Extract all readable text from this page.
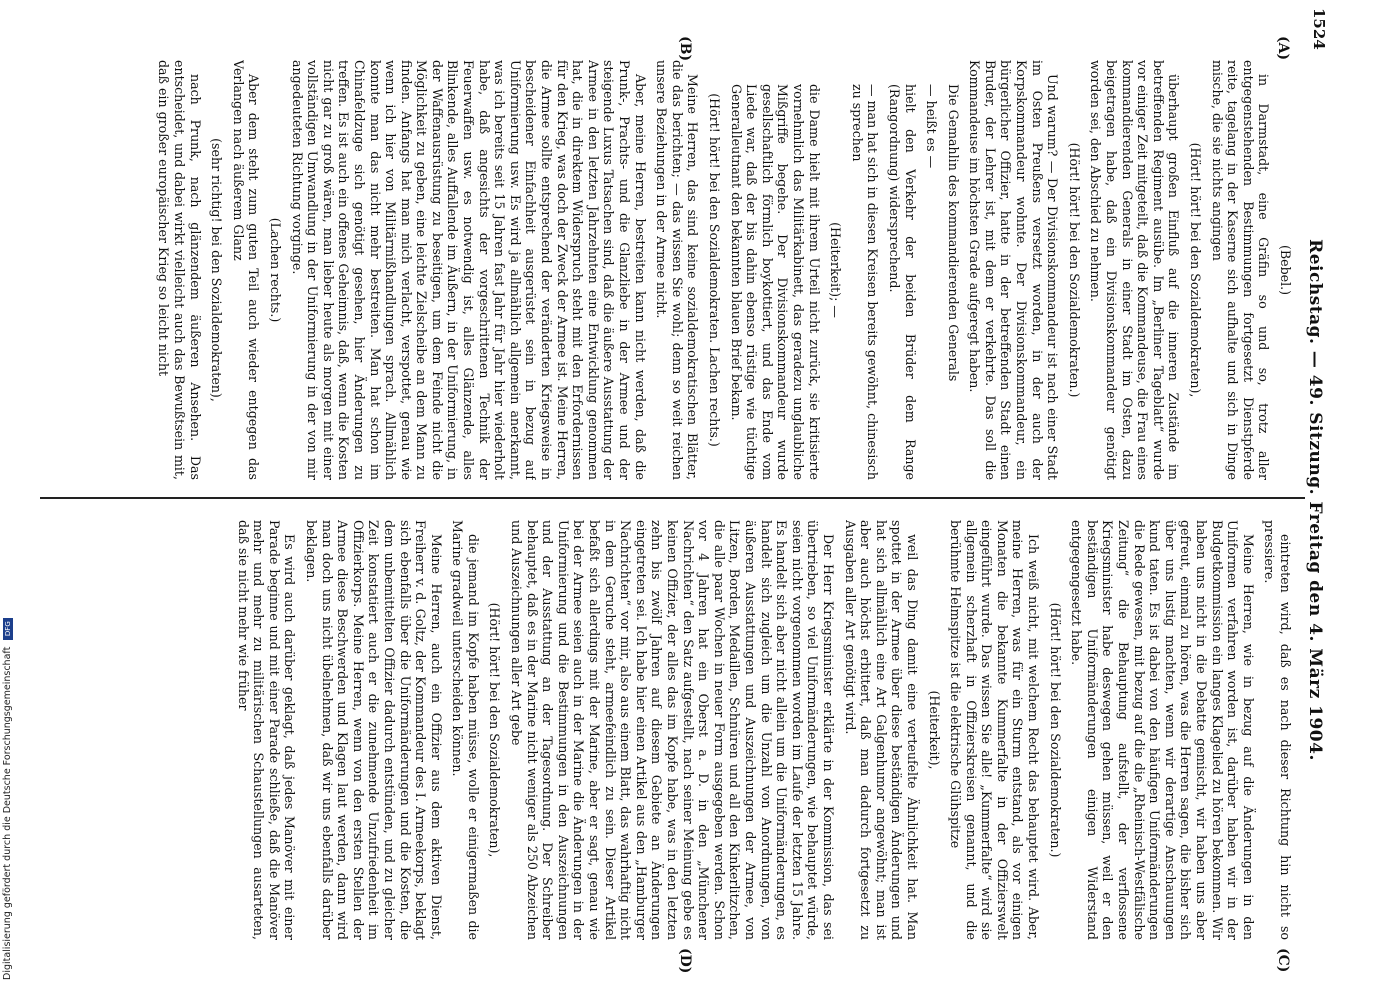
1524
Reichstag. — 49. Sitzung. Freitag den 4. März 1904.
(A)
(B)
(C)
(D)

(Bebel.)

in Darmstadt, eine Gräfin so und so, trotz aller entgegenstehenden Bestimmungen fortgesetzt Dienstpferde reite, tagelang in der Kaserne sich aufhalte und sich in Dinge mische, die sie nichts angingen

(Hört! hört! bei den Sozialdemokraten),

überhaupt großen Einfluß auf die inneren Zustände im betreffenden Regiment ausübe. Im „Berliner Tageblatt“ wurde vor einiger Zeit mitgeteilt, daß die Kommandeuse, die Frau eines kommandierenden Generals in einer Stadt im Osten, dazu beigetragen habe, daß ein Divisionskommandeur genötigt worden sei, den Abschied zu nehmen.

(Hört! hört! bei den Sozialdemokraten.)

Und warum? — Der Divisionskommandeur ist nach einer Stadt im Osten Preußens versetzt worden, in der auch der Korpskommandeur wohnte. Der Divisionskommandeur, ein bürgerlicher Offizier, hatte in der betreffenden Stadt einen Bruder, der Lehrer ist, mit dem er verkehrte. Das soll die Kommandeuse im höchsten Grade aufgeregt haben.

Die Gemahlin des kommandierenden Generals

— heißt es —

hielt den Verkehr der beiden Brüder dem Range (Rangordnung) widersprechend.

— man hat sich in diesen Kreisen bereits gewöhnt, chinesisch zu sprechen

(Heiterkeit); —

die Dame hielt mit ihrem Urteil nicht zurück, sie kritisierte vornehmlich das Militärkabinett, das geradezu unglaubliche Mißgriffe begehe. Der Divisionskommandeur wurde gesellschaftlich förmlich boykottiert, und das Ende vom Liede war, daß der bis dahin ebenso rüstige wie tüchtige Generalleutnant den bekannten blauen Brief bekam.

(Hört! hört! bei den Sozialdemokraten. Lachen rechts.)

Meine Herren, das sind keine sozialdemokratischen Blätter, die das berichten; — das wissen Sie wohl; denn so weit reichen unsere Beziehungen in der Armee nicht.

Aber, meine Herren, bestreiten kann nicht werden, daß die Prunk-, Prachts- und die Glanzliebe in der Armee und der steigende Luxus Tatsachen sind, daß die äußere Ausstattung der Armee in den letzten Jahrzehnten eine Entwicklung genommen hat, die in direktem Widerspruch steht mit den Erfordernissen für den Krieg, was doch der Zweck der Armee ist. Meine Herren, die Armee sollte entsprechend der veränderten Kriegsweise in bescheidener Einfachheit ausgerüstet sein in bezug auf Uniformierung usw. Es wird ja allmählich allgemein anerkannt, was ich bereits seit 15 Jahren fast Jahr für Jahr hier wiederholt habe, daß angesichts der vorgeschrittenen Technik der Feuerwaffen usw. es notwendig ist, alles Glänzende, alles Blinkende, alles Auffallende im Äußern, in der Uniformierung, in der Waffenausrüstung zu beseitigen, um dem Feinde nicht die Möglichkeit zu geben, eine leichte Zielscheibe an dem Mann zu finden. Anfangs hat man mich verlacht, verspottet, genau wie wenn ich hier von Militärmißhandlungen sprach. Allmählich konnte man das nicht mehr bestreiten. Man hat schon im Chinafeldzuge sich genötigt gesehen, hier Änderungen zu treffen. Es ist auch ein offenes Geheimnis, daß, wenn die Kosten nicht gar zu groß wären, man lieber heute als morgen mit einer vollständigen Umwandlung in der Uniformierung in der von mir angedeuteten Richtung vorginge.

(Lachen rechts.)

Aber dem steht zum guten Teil auch wieder entgegen das Verlangen nach äußerem Glanz

(sehr richtig! bei den Sozialdemokraten),

nach Prunk, nach glänzendem äußeren Ansehen. Das entscheidet, und dabei wirkt vielleicht auch das Bewußtsein mit, daß ein großer europäischer Krieg so leicht nicht

eintreten wird, daß es nach dieser Richtung hin nicht so pressiere.

Meine Herren, wie in bezug auf die Änderungen in den Uniformen verfahren worden ist, darüber haben wir in der Budgetkommission ein langes Klagelied zu hören bekommen. Wir haben uns nicht in die Debatte gemischt, wir haben uns aber gefreut, einmal zu hören, was die Herren sagen, die bisher sich über uns lustig machten, wenn wir derartige Anschauungen kund taten. Es ist dabei von den häufigen Uniformänderungen die Rede gewesen, mit bezug auf die die „Rheinisch-Westfälische Zeitung“ die Behauptung aufstellt, der verflossene Kriegsminister habe deswegen gehen müssen, weil er den beständigen Uniformänderungen einigen Widerstand entgegengesetzt habe.

(Hört! hört! bei den Sozialdemokraten.)

Ich weiß nicht, mit welchem Recht das behauptet wird. Aber, meine Herren, was für ein Sturm entstand, als vor einigen Monaten die bekannte Kummerfalte in der Offizierswelt eingeführt wurde. Das wissen Sie alle! „Kummerfalte“ wird sie allgemein scherzhaft in Offizierskreisen genannt, und die berühmte Helmspitze ist die elektrische Glühspitze

(Heiterkeit),

weil das Ding damit eine verteufelte Ähnlichkeit hat. Man spottet in der Armee über diese beständigen Änderungen und hat sich allmählich eine Art Galgenhumor angewöhnt; man ist aber auch höchst erbittert, daß man dadurch fortgesetzt zu Ausgaben aller Art genötigt wird.

Der Herr Kriegsminister erklärte in der Kommission, das sei übertrieben, so viel Uniformänderungen, wie behauptet würde, seien nicht vorgenommen worden im Laufe der letzten 15 Jahre. Es handelt sich aber nicht allein um die Uniformänderungen, es handelt sich zugleich um die Unzahl von Anordnungen, von äußeren Ausstattungen und Auszeichnungen der Armee, von Litzen, Borden, Medaillen, Schnüren und all den Kinkerlitzchen, die alle paar Wochen in neuer Form ausgegeben werden. Schon vor 4 Jahren hat ein Oberst a. D. in den „Münchener Nachrichten“ den Satz aufgestellt, nach seiner Meinung gebe es keinen Offizier, der alles das im Kopfe habe, was in den letzten zehn bis zwölf Jahren auf diesem Gebiete an Änderungen eingetreten sei. Ich habe hier einen Artikel aus den „Hamburger Nachrichten“ vor mir, also aus einem Blatt, das wahrhaftig nicht in dem Geruche steht, armeefeindlich zu sein. Dieser Artikel befaßt sich allerdings mit der Marine, aber er sagt, genau wie bei der Armee seien auch in der Marine die Änderungen in der Uniformierung und die Bestimmungen in den Auszeichnungen und der Ausstattung an der Tagesordnung. Der Schreiber behauptet, daß es in der Marine nicht weniger als 250 Abzeichen und Auszeichnungen aller Art gebe

(Hört! hört! bei den Sozialdemokraten),

die jemand im Kopfe haben müsse, wolle er einigermaßen die Marine gradweil unterscheiden können.

Meine Herren, auch ein Offizier aus dem aktiven Dienst, Freiherr v. d. Goltz, der Kommandeur des I. Armeekorps, beklagt sich ebenfalls über die Uniformänderungen und die Kosten, die dem unbemittelten Offizier dadurch entstünden, und zu gleicher Zeit konstatiert auch er die zunehmende Unzufriedenheit im Offizierkorps. Meine Herren, wenn von den ersten Stellen der Armee diese Beschwerden und Klagen laut werden, dann wird man doch uns nicht übelnehmen, daß wir uns ebenfalls darüber beklagen.

Es wird auch darüber geklagt, daß jedes Manöver mit einer Parade beginne und mit einer Parade schließe, daß die Manöver mehr und mehr zu militärischen Schaustellungen ausarteten, daß sie nicht mehr wie früher

Digitalisierung gefördert durch die Deutsche Forschungsgemeinschaft DFG
